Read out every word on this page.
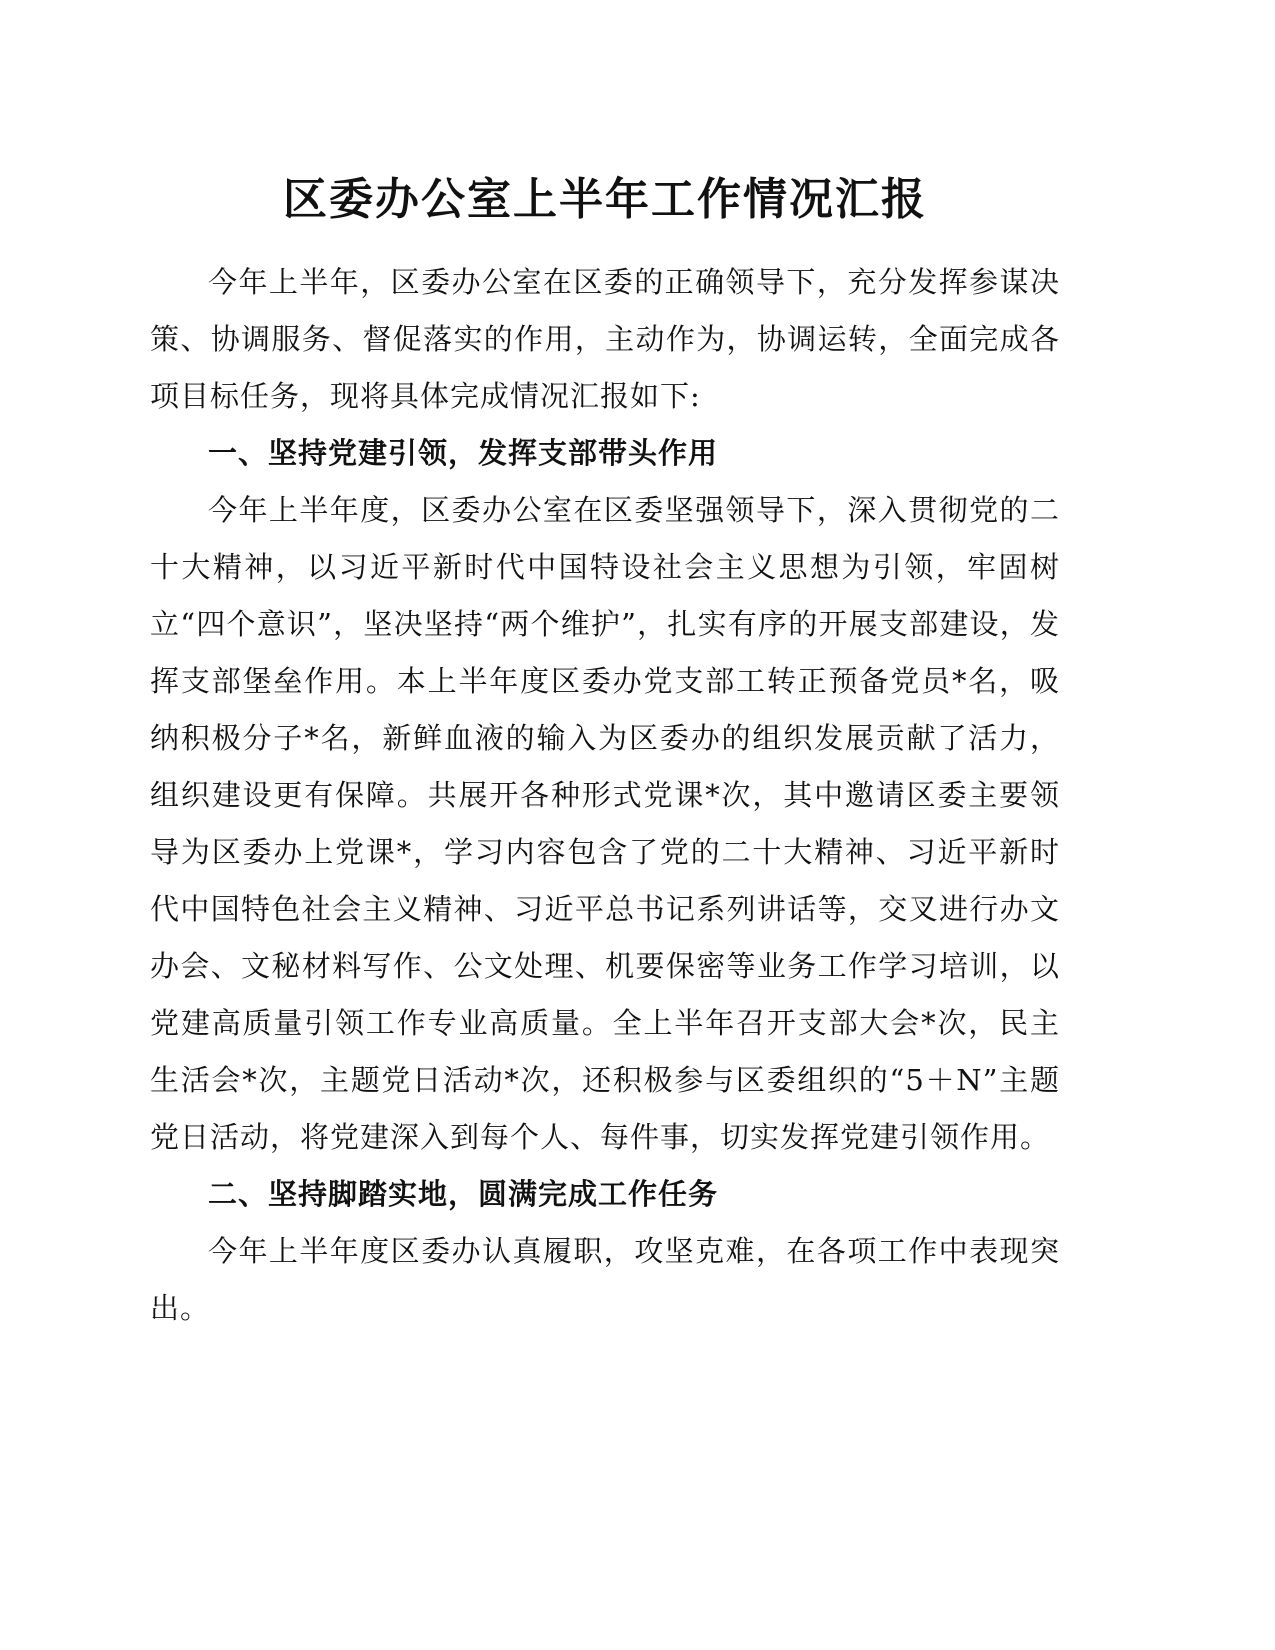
区委办公室上半年工作情况汇报

今年上半年，区委办公室在区委的正确领导下，充分发挥参谋决策、协调服务、督促落实的作用，主动作为，协调运转，全面完成各项目标任务，现将具体完成情况汇报如下:

一、坚持党建引领，发挥支部带头作用

今年上半年度，区委办公室在区委坚强领导下，深入贯彻党的二十大精神，以习近平新时代中国特设社会主义思想为引领，牢固树立“四个意识”，坚决坚持“两个维护”，扎实有序的开展支部建设，发挥支部堡垒作用。本上半年度区委办党支部工转正预备党员*名，吸纳积极分子*名，新鲜血液的输入为区委办的组织发展贡献了活力，组织建设更有保障。共展开各种形式党课*次，其中邀请区委主要领导为区委办上党课*，学习内容包含了党的二十大精神、习近平新时代中国特色社会主义精神、习近平总书记系列讲话等，交叉进行办文办会、文秘材料写作、公文处理、机要保密等业务工作学习培训，以党建高质量引领工作专业高质量。全上半年召开支部大会*次，民主生活会*次，主题党日活动*次，还积极参与区委组织的“5＋N”主题党日活动，将党建深入到每个人、每件事，切实发挥党建引领作用。

二、坚持脚踏实地，圆满完成工作任务

今年上半年度区委办认真履职，攻坚克难，在各项工作中表现突出。
